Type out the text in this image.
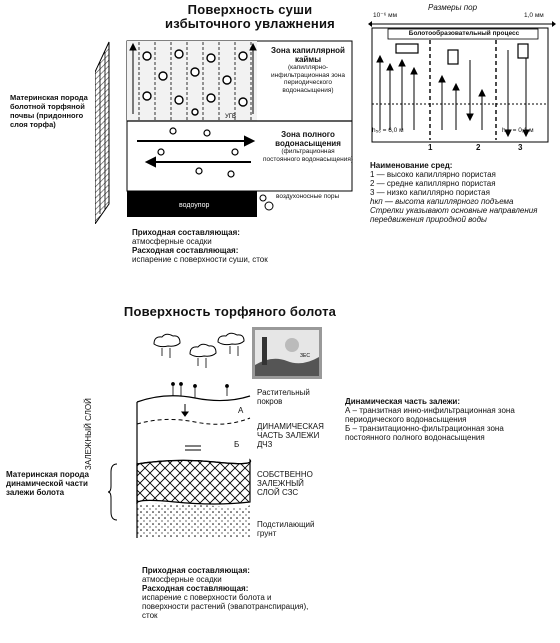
Поверхность суши
избыточного увлажнения
УГВ
водоупор
Материнская порода болотной торфяной почвы (придонного слоя торфа)
Зона капиллярной каймы
(капиллярно-инфильтрационная зона периодического водонасыщения)
Зона полного водонасыщения
(фильтрационная постоянного водонасыщения)
воздухоносные поры
Приходная составляющая:
атмосферные осадки
Расходная составляющая:
испарение с поверхности суши, сток
Размеры пор
10⁻⁶ мм	1,0 мм
Болотообразовательный процесс
h₅₆ = 6,0 м	h₅₆ = 0,1 м
1	2	3
Наименование сред:
1 — высоко капиллярно пористая
2 — средне капиллярно пористая
3 — низко капиллярно пористая
hкп — высота капиллярного подъема
Стрелки указывают основные направления передвижения природной воды
Поверхность торфяного болота
ЗЕС
А
Б
ЗАЛЕЖНЫЙ СЛОЙ
Растительный покров
ДИНАМИЧЕСКАЯ ЧАСТЬ ЗАЛЕЖИ ДЧЗ
СОБСТВЕННО ЗАЛЕЖНЫЙ СЛОЙ СЗС
Подстилающий грунт
Материнская порода динамической части залежи болота
Динамическая часть залежи:
А – транзитная инно-инфильтрационная зона периодического водонасыщения
Б – транзитационно-фильтрационная зона постоянного полного водонасыщения
Приходная составляющая:
атмосферные осадки
Расходная составляющая:
испарение с поверхности болота и поверхности растений (эвапотранспирация), сток
